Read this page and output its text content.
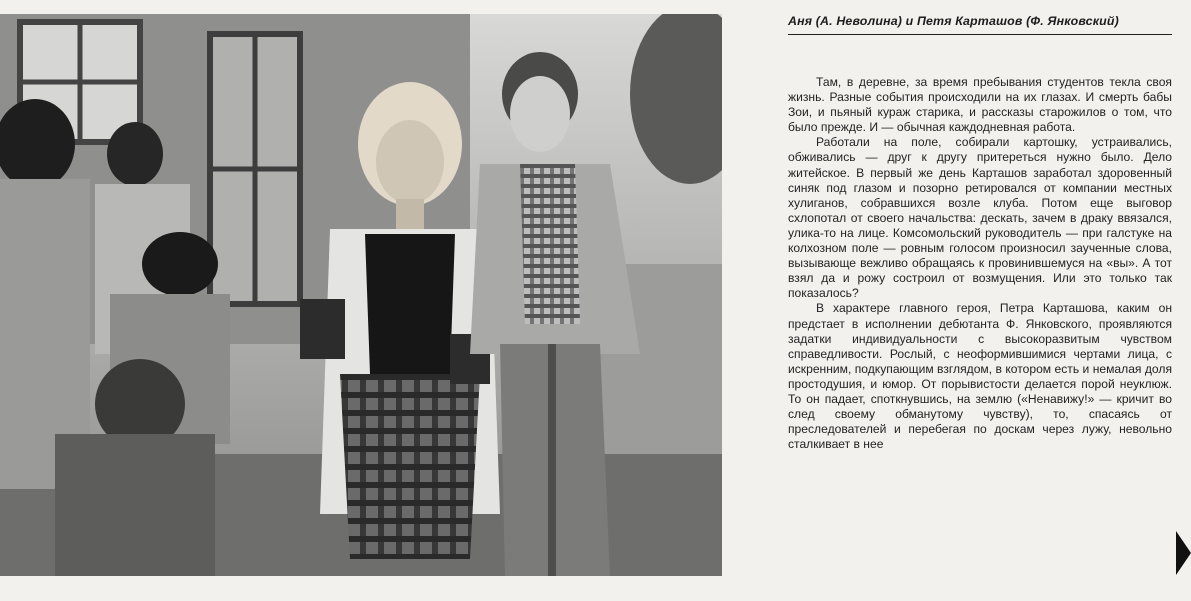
Аня (А. Неволина) и Петя Карташов (Ф. Янковский)

Там, в деревне, за время пребывания студентов текла своя жизнь. Разные события происходили на их глазах. И смерть бабы Зои, и пьяный кураж старика, и рассказы старожилов о том, что было прежде. И — обычная каждодневная работа.

Работали на поле, собирали картошку, устраивались, обживались — друг к другу притереться нужно было. Дело житейское. В первый же день Карташов заработал здоровенный синяк под глазом и позорно ретировался от компании местных хулиганов, собравшихся возле клуба. Потом еще выговор схлопотал от своего начальства: дескать, зачем в драку ввязался, улика-то на лице. Комсомольский руководитель — при галстуке на колхозном поле — ровным голосом произносил заученные слова, вызывающе вежливо обращаясь к провинившемуся на «вы». А тот взял да и рожу состроил от возмущения. Или это только так показалось?

В характере главного героя, Петра Карташова, каким он предстает в исполнении дебютанта Ф. Янковского, проявляются задатки индивидуальности с высокоразвитым чувством справедливости. Рослый, с неоформившимися чертами лица, с искренним, подкупающим взглядом, в котором есть и немалая доля простодушия, и юмор. От порывистости делается порой неуклюж. То он падает, споткнувшись, на землю («Ненавижу!» — кричит во след своему обманутому чувству), то, спасаясь от преследователей и перебегая по доскам через лужу, невольно сталкивает в нее
